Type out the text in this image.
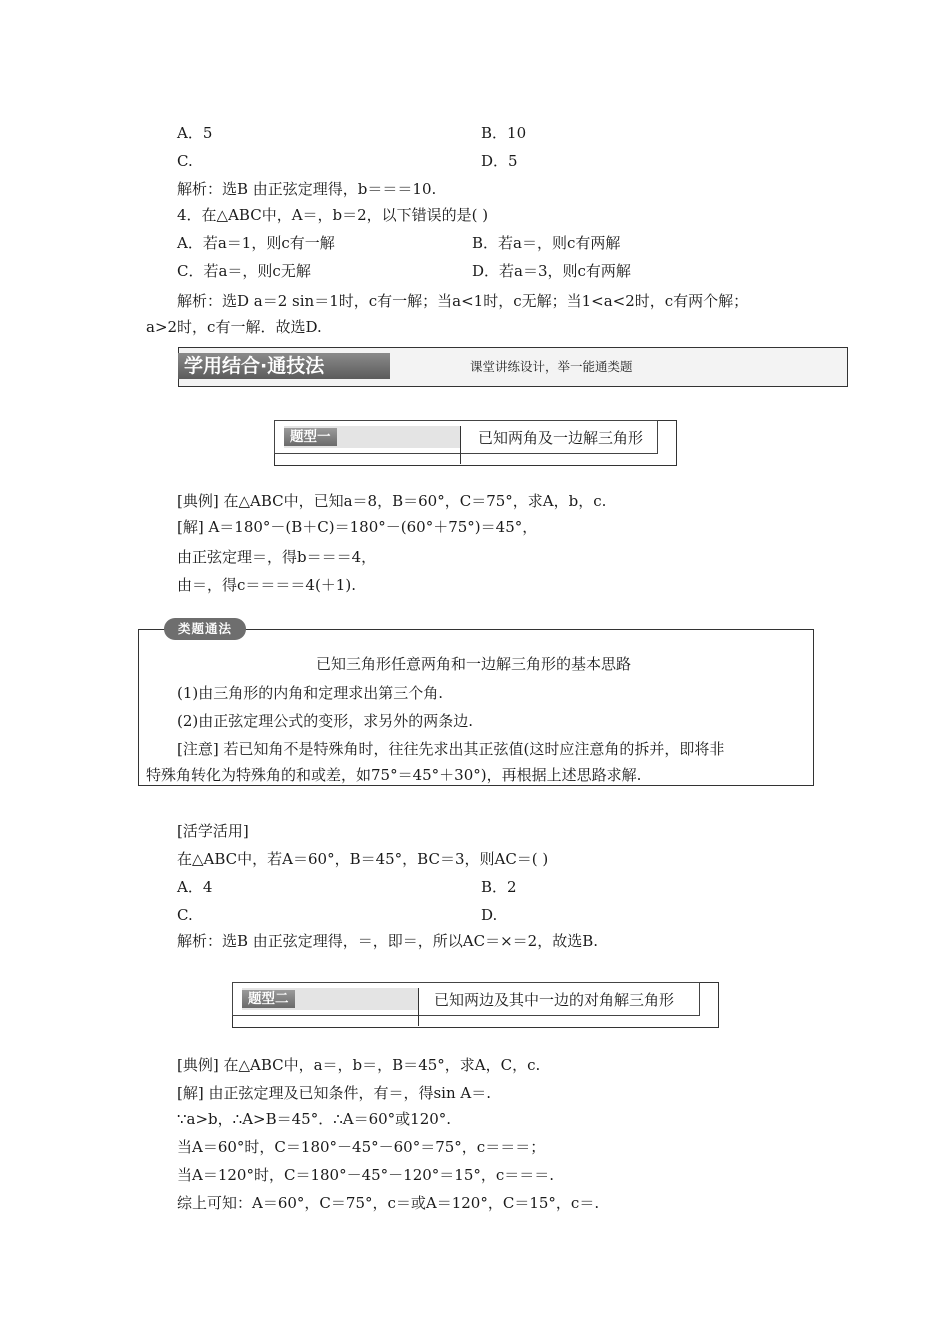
A．5	B．10
C.	D．5
解析：选B 由正弦定理得，b＝＝＝10.
4．在△ABC中，A＝，b＝2，以下错误的是( )
A．若a＝1，则c有一解	B．若a＝，则c有两解
C．若a＝，则c无解	D．若a＝3，则c有两解
解析：选D a＝2 sin＝1时，c有一解；当a<1时，c无解；当1<a<2时，c有两个解；
a>2时，c有一解．故选D.
[典例] 在△ABC中，已知a＝8，B＝60°，C＝75°，求A，b，c.
[解] A＝180°－(B＋C)＝180°－(60°＋75°)＝45°，
由正弦定理＝，得b＝＝＝4，
由＝，得c＝＝＝＝4(＋1).
[活学活用]
在△ABC中，若A＝60°，B＝45°，BC＝3，则AC＝( )
A．4	B．2
C.	D.
解析：选B 由正弦定理得，＝，即＝，所以AC＝×＝2，故选B.
[典例] 在△ABC中，a＝，b＝，B＝45°，求A，C，c.
[解] 由正弦定理及已知条件，有＝，得sin A＝.
∵a>b，∴A>B＝45°．∴A＝60°或120°.
当A＝60°时，C＝180°－45°－60°＝75°，c＝＝＝；
当A＝120°时，C＝180°－45°－120°＝15°，c＝＝＝.
综上可知：A＝60°，C＝75°，c＝或A＝120°，C＝15°，c＝.
学用结合·通技法	课堂讲练设计，举一能通类题
题型一	已知两角及一边解三角形
类题通法
已知三角形任意两角和一边解三角形的基本思路
(1)由三角形的内角和定理求出第三个角.
(2)由正弦定理公式的变形，求另外的两条边.
[注意] 若已知角不是特殊角时，往往先求出其正弦值(这时应注意角的拆并，即将非
特殊角转化为特殊角的和或差，如75°＝45°＋30°)，再根据上述思路求解.
题型二	已知两边及其中一边的对角解三角形
